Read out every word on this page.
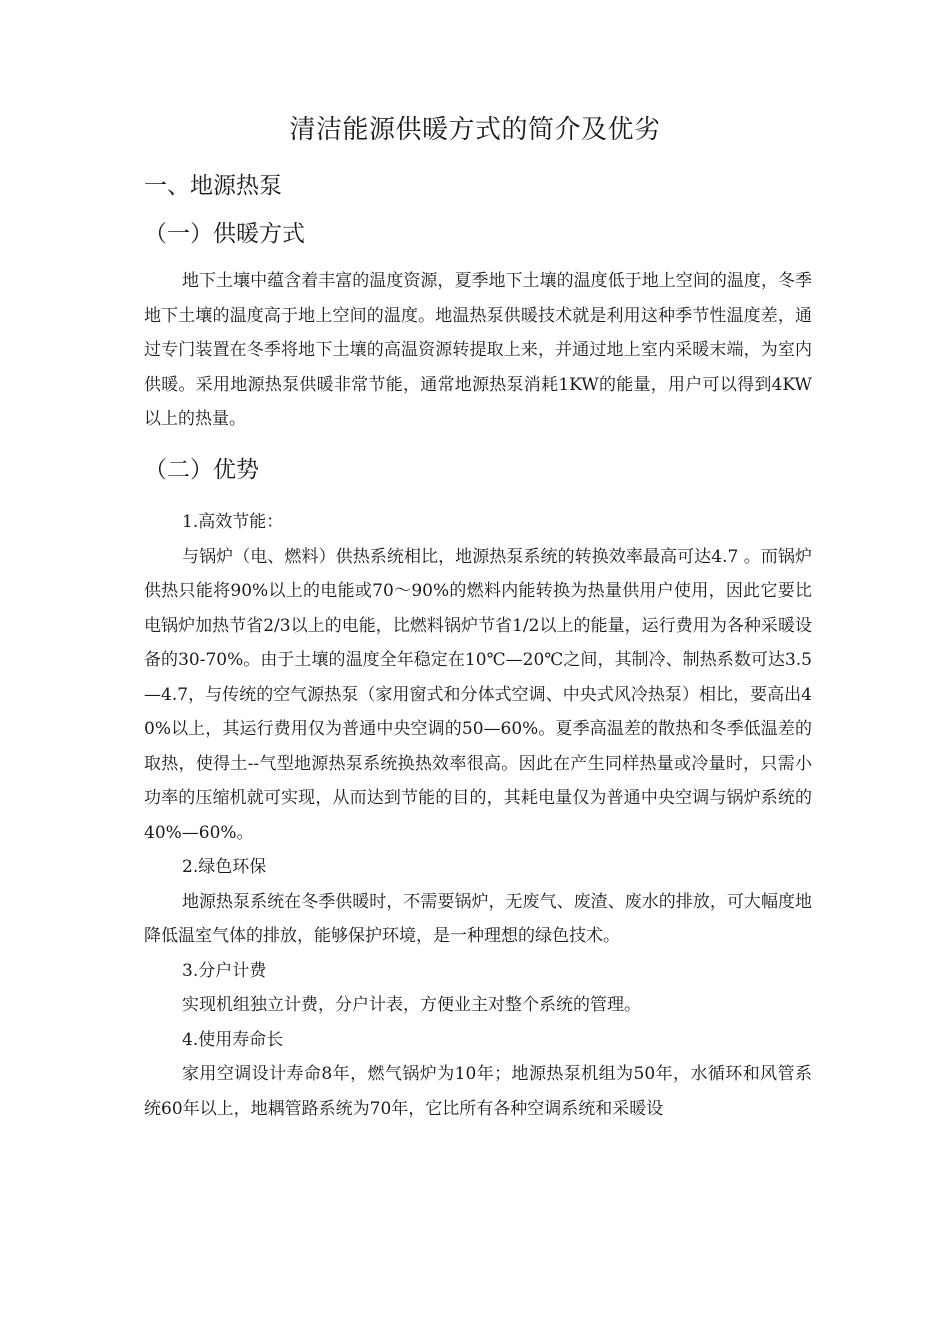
清洁能源供暖方式的简介及优劣
一、地源热泵
（一）供暖方式

地下土壤中蕴含着丰富的温度资源，夏季地下土壤的温度低于地上空间的温度，冬季地下土壤的温度高于地上空间的温度。地温热泵供暖技术就是利用这种季节性温度差，通过专门装置在冬季将地下土壤的高温资源转提取上来，并通过地上室内采暖末端，为室内供暖。采用地源热泵供暖非常节能，通常地源热泵消耗1KW的能量，用户可以得到4KW以上的热量。

（二）优势

1.高效节能：

与锅炉（电、燃料）供热系统相比，地源热泵系统的转换效率最高可达4.7 。而锅炉供热只能将90%以上的电能或70～90%的燃料内能转换为热量供用户使用，因此它要比电锅炉加热节省2/3以上的电能，比燃料锅炉节省1/2以上的能量，运行费用为各种采暖设备的30-70%。由于土壤的温度全年稳定在10℃—20℃之间，其制冷、制热系数可达3.5—4.7，与传统的空气源热泵（家用窗式和分体式空调、中央式风冷热泵）相比，要高出40%以上，其运行费用仅为普通中央空调的50—60%。夏季高温差的散热和冬季低温差的取热，使得土--气型地源热泵系统换热效率很高。因此在产生同样热量或冷量时，只需小功率的压缩机就可实现，从而达到节能的目的，其耗电量仅为普通中央空调与锅炉系统的 40%—60%。

2.绿色环保

地源热泵系统在冬季供暖时，不需要锅炉，无废气、废渣、废水的排放，可大幅度地降低温室气体的排放，能够保护环境，是一种理想的绿色技术。

3.分户计费

实现机组独立计费，分户计表，方便业主对整个系统的管理。

4.使用寿命长

家用空调设计寿命8年，燃气锅炉为10年；地源热泵机组为50年，水循环和风管系统60年以上，地耦管路系统为70年，它比所有各种空调系统和采暖设
